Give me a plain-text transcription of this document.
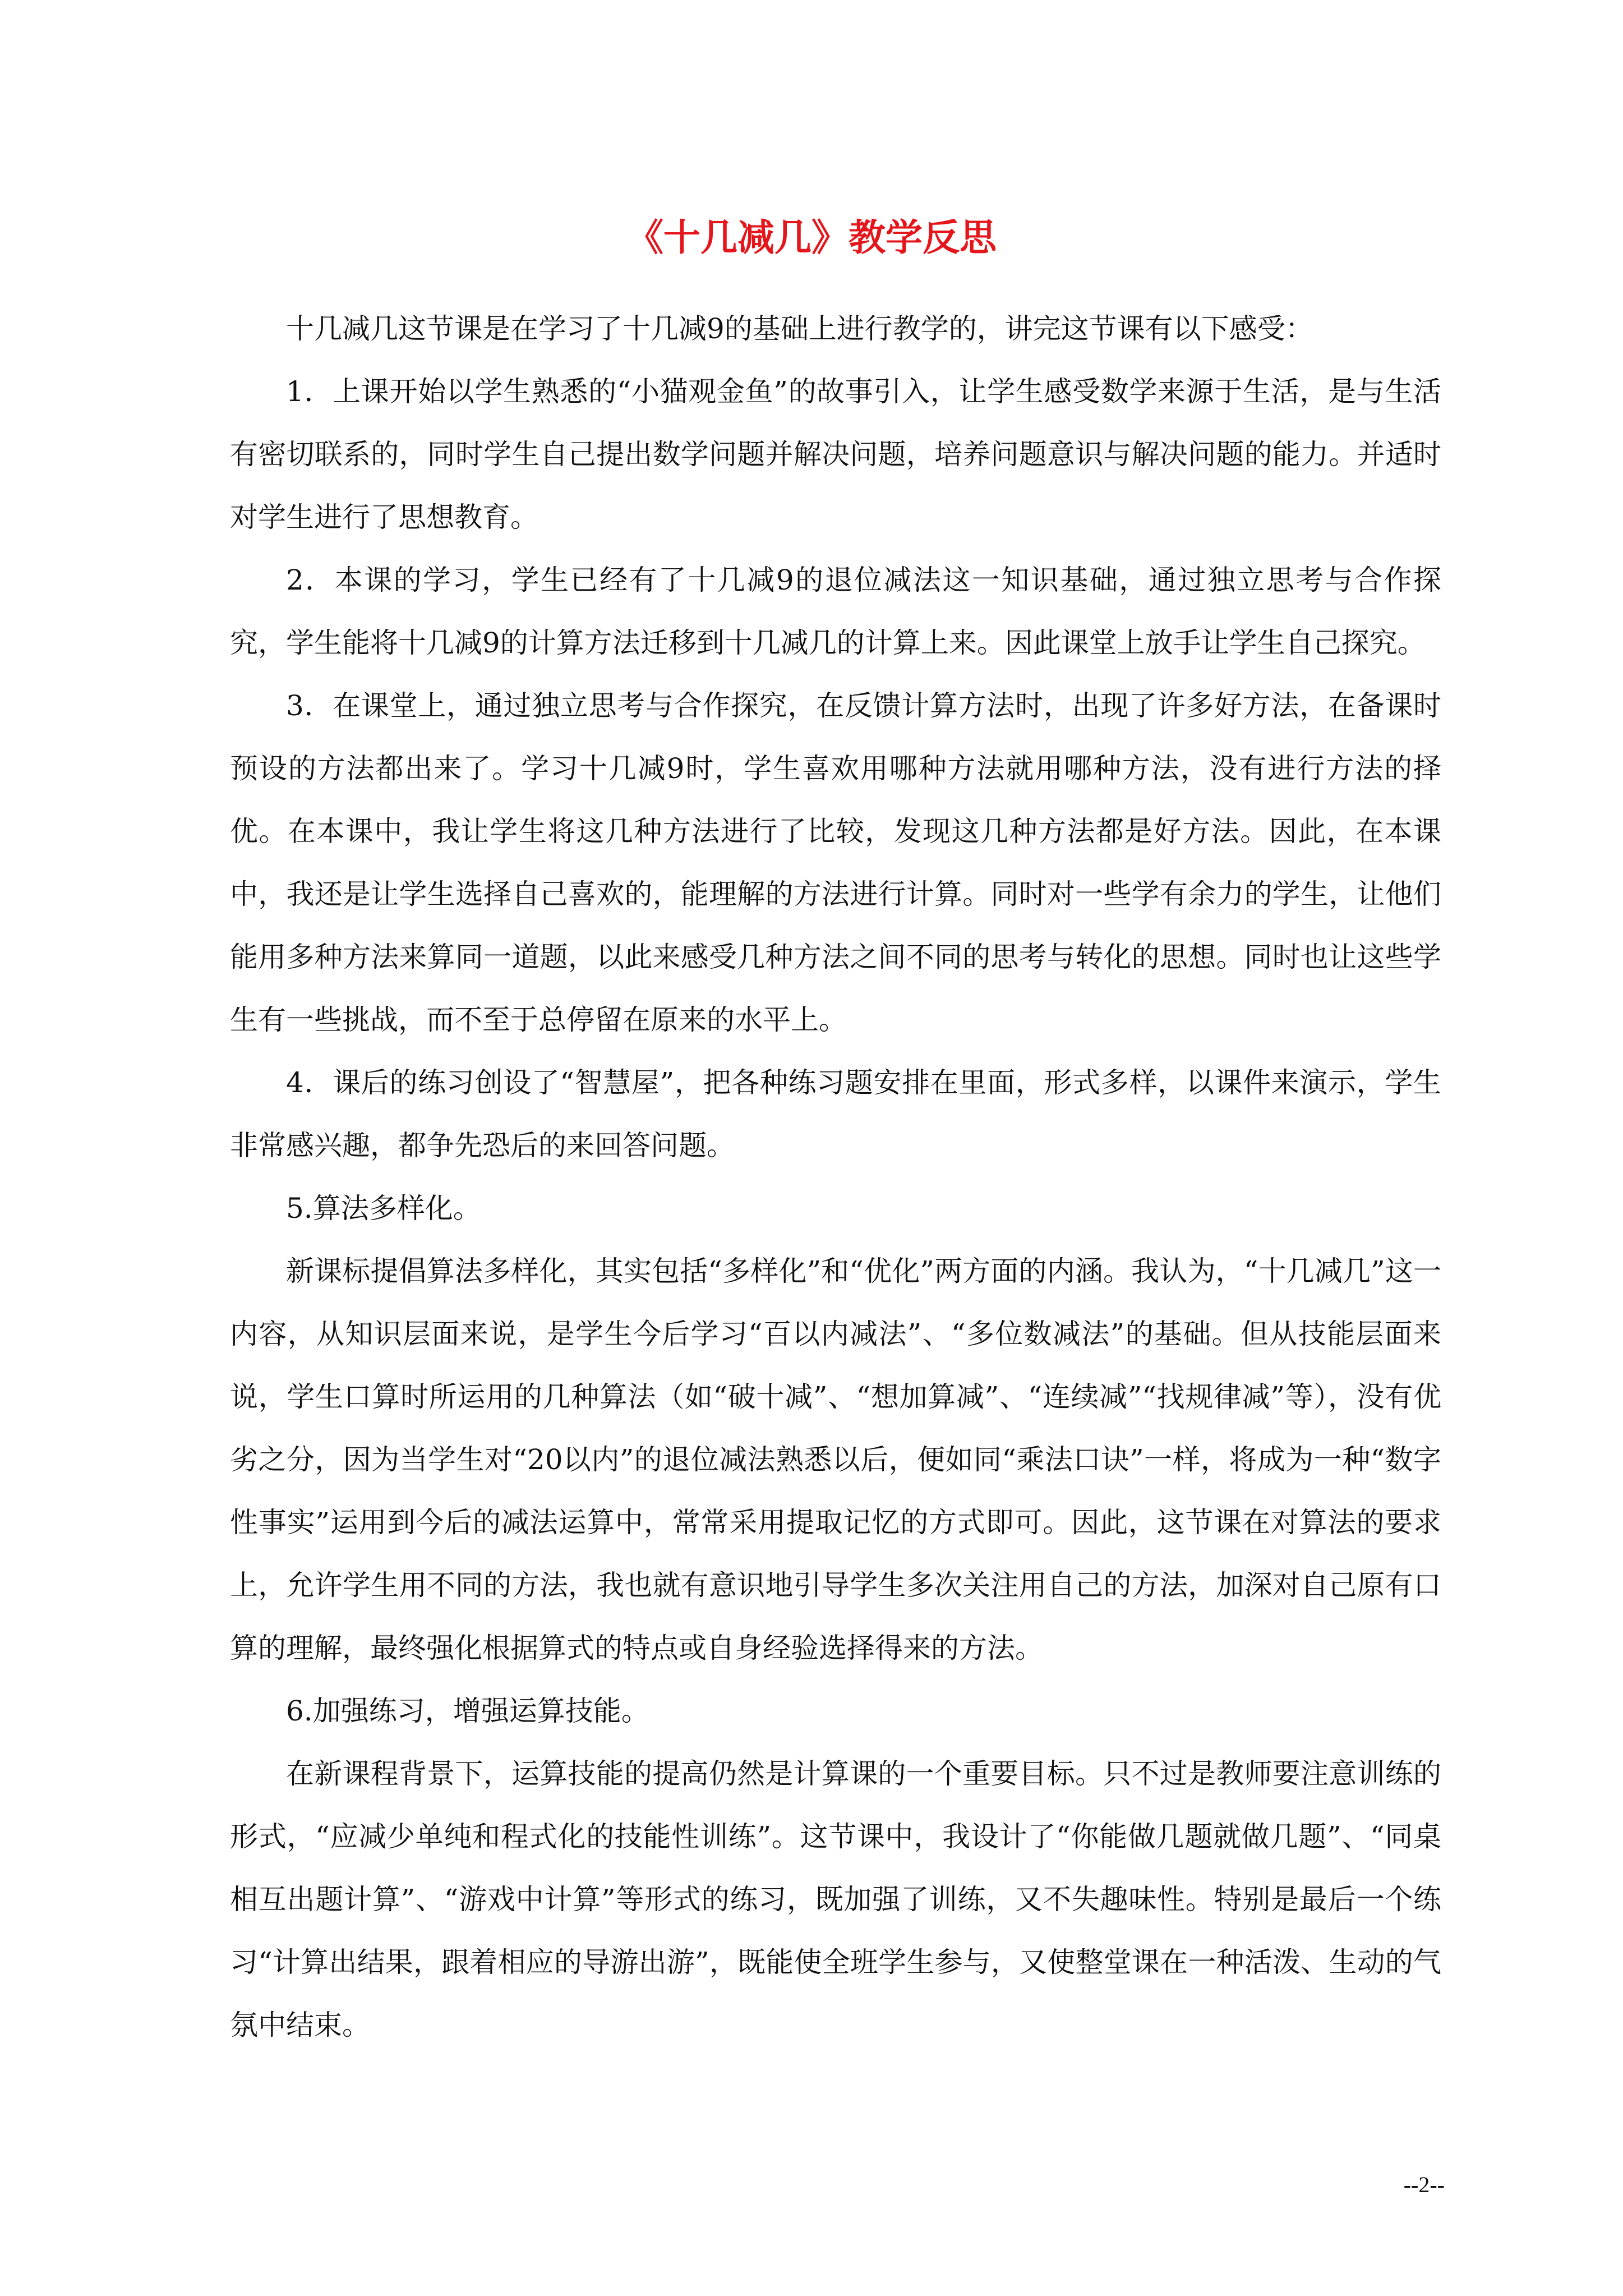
《十几减几》教学反思

十几减几这节课是在学习了十几减9的基础上进行教学的，讲完这节课有以下感受：

1．上课开始以学生熟悉的“小猫观金鱼”的故事引入，让学生感受数学来源于生活，是与生活有密切联系的，同时学生自己提出数学问题并解决问题，培养问题意识与解决问题的能力。并适时对学生进行了思想教育。

2．本课的学习，学生已经有了十几减9的退位减法这一知识基础，通过独立思考与合作探究，学生能将十几减9的计算方法迁移到十几减几的计算上来。因此课堂上放手让学生自己探究。

3．在课堂上，通过独立思考与合作探究，在反馈计算方法时，出现了许多好方法，在备课时预设的方法都出来了。学习十几减9时，学生喜欢用哪种方法就用哪种方法，没有进行方法的择优。在本课中，我让学生将这几种方法进行了比较，发现这几种方法都是好方法。因此，在本课中，我还是让学生选择自己喜欢的，能理解的方法进行计算。同时对一些学有余力的学生，让他们能用多种方法来算同一道题，以此来感受几种方法之间不同的思考与转化的思想。同时也让这些学生有一些挑战，而不至于总停留在原来的水平上。

4．课后的练习创设了“智慧屋”，把各种练习题安排在里面，形式多样，以课件来演示，学生非常感兴趣，都争先恐后的来回答问题。

5.算法多样化。

新课标提倡算法多样化，其实包括“多样化”和“优化”两方面的内涵。我认为，“十几减几”这一内容，从知识层面来说，是学生今后学习“百以内减法”、“多位数减法”的基础。但从技能层面来说，学生口算时所运用的几种算法（如“破十减”、“想加算减”、“连续减”“找规律减”等），没有优劣之分，因为当学生对“20以内”的退位减法熟悉以后，便如同“乘法口诀”一样，将成为一种“数字性事实”运用到今后的减法运算中，常常采用提取记忆的方式即可。因此，这节课在对算法的要求上，允许学生用不同的方法，我也就有意识地引导学生多次关注用自己的方法，加深对自己原有口算的理解，最终强化根据算式的特点或自身经验选择得来的方法。

6.加强练习，增强运算技能。

在新课程背景下，运算技能的提高仍然是计算课的一个重要目标。只不过是教师要注意训练的形式，“应减少单纯和程式化的技能性训练”。这节课中，我设计了“你能做几题就做几题”、“同桌相互出题计算”、“游戏中计算”等形式的练习，既加强了训练，又不失趣味性。特别是最后一个练习“计算出结果，跟着相应的导游出游”，既能使全班学生参与，又使整堂课在一种活泼、生动的气氛中结束。

--2--
